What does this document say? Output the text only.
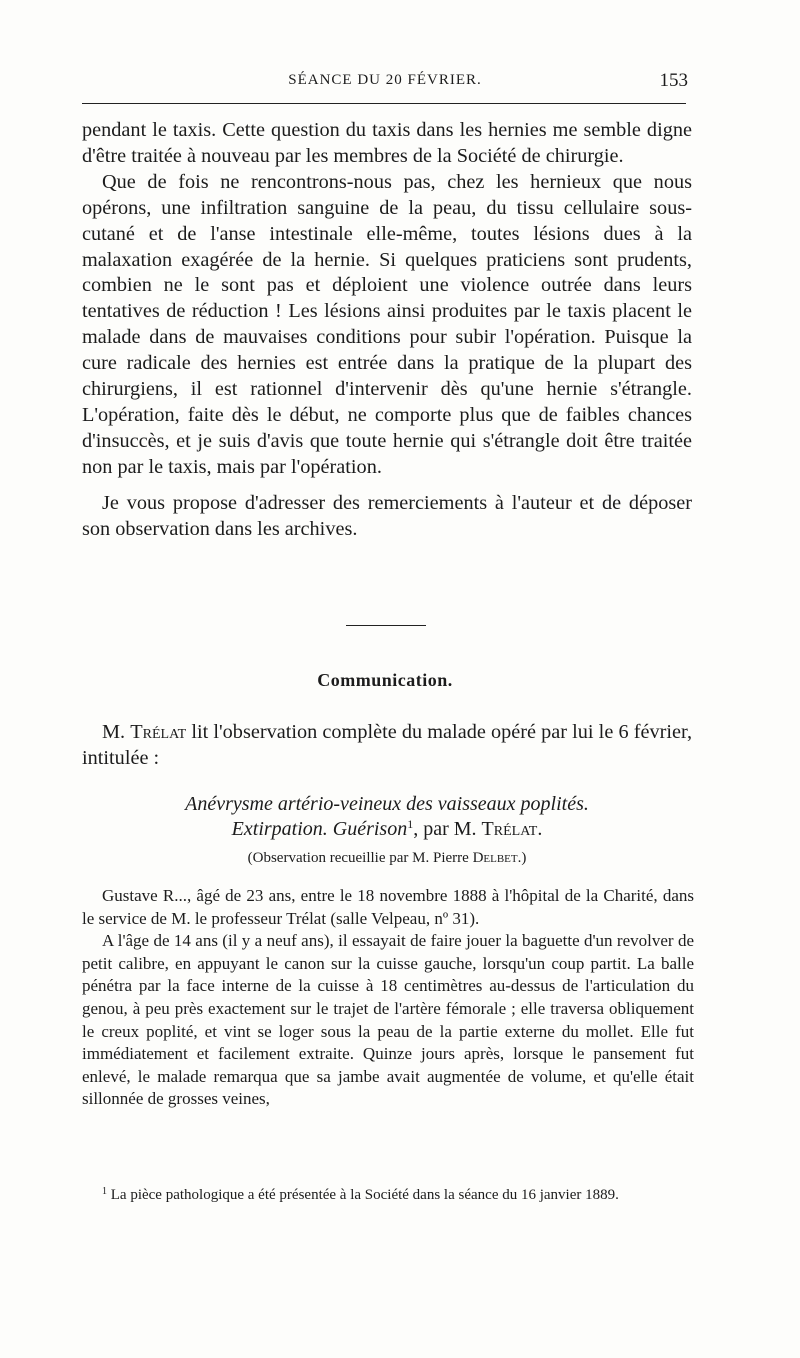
SÉANCE DU 20 FÉVRIER.	153

pendant le taxis. Cette question du taxis dans les hernies me semble digne d'être traitée à nouveau par les membres de la Société de chirurgie.

Que de fois ne rencontrons-nous pas, chez les hernieux que nous opérons, une infiltration sanguine de la peau, du tissu cellulaire sous-cutané et de l'anse intestinale elle-même, toutes lésions dues à la malaxation exagérée de la hernie. Si quelques praticiens sont prudents, combien ne le sont pas et déploient une violence outrée dans leurs tentatives de réduction ! Les lésions ainsi produites par le taxis placent le malade dans de mauvaises conditions pour subir l'opération. Puisque la cure radicale des hernies est entrée dans la pratique de la plupart des chirurgiens, il est rationnel d'intervenir dès qu'une hernie s'étrangle. L'opération, faite dès le début, ne comporte plus que de faibles chances d'insuccès, et je suis d'avis que toute hernie qui s'étrangle doit être traitée non par le taxis, mais par l'opération.

Je vous propose d'adresser des remerciements à l'auteur et de déposer son observation dans les archives.

Communication.

M. Trélat lit l'observation complète du malade opéré par lui le 6 février, intitulée :

Anévrysme artério-veineux des vaisseaux poplités.
Extirpation. Guérison$^1$, par M. Trélat.
(Observation recueillie par M. Pierre Delbet.)

Gustave R..., âgé de 23 ans, entre le 18 novembre 1888 à l'hôpital de la Charité, dans le service de M. le professeur Trélat (salle Velpeau, nº 31).

A l'âge de 14 ans (il y a neuf ans), il essayait de faire jouer la baguette d'un revolver de petit calibre, en appuyant le canon sur la cuisse gauche, lorsqu'un coup partit. La balle pénétra par la face interne de la cuisse à 18 centimètres au-dessus de l'articulation du genou, à peu près exactement sur le trajet de l'artère fémorale ; elle traversa obliquement le creux poplité, et vint se loger sous la peau de la partie externe du mollet. Elle fut immédiatement et facilement extraite. Quinze jours après, lorsque le pansement fut enlevé, le malade remarqua que sa jambe avait augmentée de volume, et qu'elle était sillonnée de grosses veines,

$^1$ La pièce pathologique a été présentée à la Société dans la séance du 16 janvier 1889.
